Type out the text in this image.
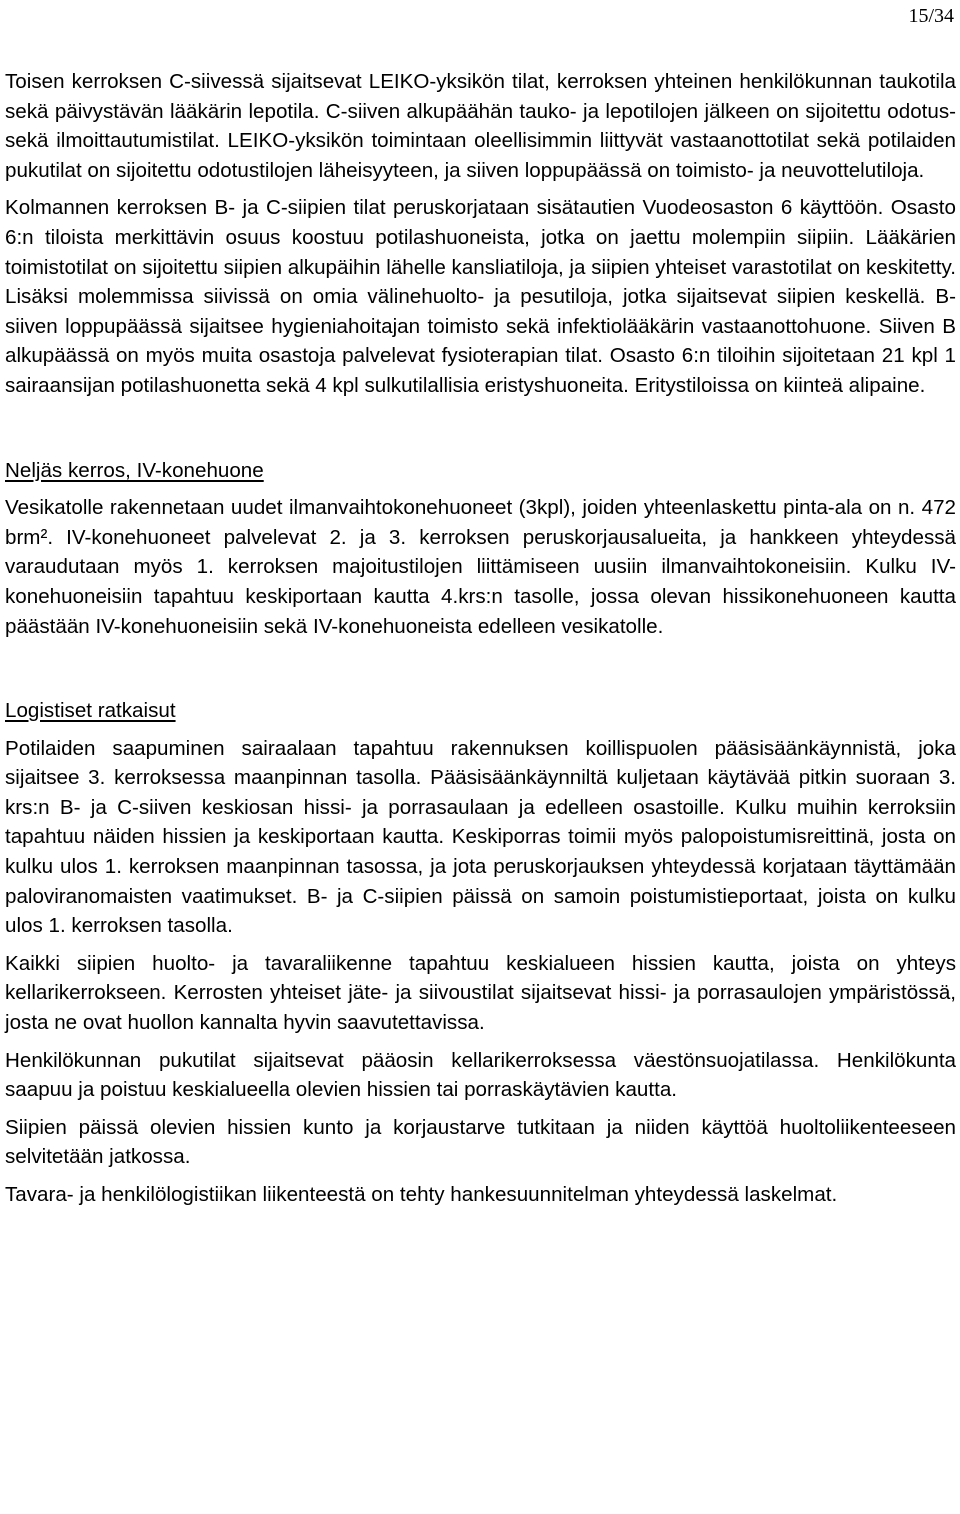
15/34

Toisen kerroksen C-siivessä sijaitsevat LEIKO-yksikön tilat, kerroksen yhteinen henkilökunnan taukotila sekä päivystävän lääkärin lepotila. C-siiven alkupäähän tauko- ja lepotilojen jälkeen on sijoitettu odotus- sekä ilmoittautumistilat. LEIKO-yksikön toimintaan oleellisimmin liittyvät vastaanottotilat sekä potilaiden pukutilat on sijoitettu odotustilojen läheisyyteen, ja siiven loppupäässä on toimisto- ja neuvottelutiloja.

Kolmannen kerroksen B- ja C-siipien tilat peruskorjataan sisätautien Vuodeosaston 6 käyttöön. Osasto 6:n tiloista merkittävin osuus koostuu potilashuoneista, jotka on jaettu molempiin siipiin. Lääkärien toimistotilat on sijoitettu siipien alkupäihin lähelle kansliatiloja, ja siipien yhteiset varastotilat on keskitetty. Lisäksi molemmissa siivissä on omia välinehuolto- ja pesutiloja, jotka sijaitsevat siipien keskellä. B- siiven loppupäässä sijaitsee hygieniahoitajan toimisto sekä infektiolääkärin vastaanottohuone. Siiven B alkupäässä on myös muita osastoja palvelevat fysioterapian tilat. Osasto 6:n tiloihin sijoitetaan 21 kpl 1 sairaansijan potilashuonetta sekä 4 kpl sulkutilallisia eristyshuoneita. Eritystiloissa on kiinteä alipaine.

Neljäs kerros, IV-konehuone

Vesikatolle rakennetaan uudet ilmanvaihtokonehuoneet (3kpl), joiden yhteenlaskettu pinta-ala on n. 472 brm². IV-konehuoneet palvelevat 2. ja 3. kerroksen peruskorjausalueita, ja hankkeen yhteydessä varaudutaan myös 1. kerroksen majoitustilojen liittämiseen uusiin ilmanvaihtokoneisiin. Kulku IV-konehuoneisiin tapahtuu keskiportaan kautta 4.krs:n tasolle, jossa olevan hissikonehuoneen kautta päästään IV-konehuoneisiin sekä IV-konehuoneista edelleen vesikatolle.

Logistiset ratkaisut

Potilaiden saapuminen sairaalaan tapahtuu rakennuksen koillispuolen pääsisäänkäynnistä, joka sijaitsee 3. kerroksessa maanpinnan tasolla. Pääsisäänkäynniltä kuljetaan käytävää pitkin suoraan 3. krs:n B- ja C-siiven keskiosan hissi- ja porrasaulaan ja edelleen osastoille. Kulku muihin kerroksiin tapahtuu näiden hissien ja keskiportaan kautta. Keskiporras toimii myös palopoistumisreittinä, josta on kulku ulos 1. kerroksen maanpinnan tasossa, ja jota peruskorjauksen yhteydessä korjataan täyttämään paloviranomaisten vaatimukset. B- ja C-siipien päissä on samoin poistumistieportaat, joista on kulku ulos 1. kerroksen tasolla.

Kaikki siipien huolto- ja tavaraliikenne tapahtuu keskialueen hissien kautta, joista on yhteys kellarikerrokseen. Kerrosten yhteiset jäte- ja siivoustilat sijaitsevat hissi- ja porrasaulojen ympäristössä, josta ne ovat huollon kannalta hyvin saavutettavissa.

Henkilökunnan pukutilat sijaitsevat pääosin kellarikerroksessa väestönsuojatilassa. Henkilökunta saapuu ja poistuu keskialueella olevien hissien tai porraskäytävien kautta.

Siipien päissä olevien hissien kunto ja korjaustarve tutkitaan ja niiden käyttöä huoltoliikenteeseen selvitetään jatkossa.

Tavara- ja henkilölogistiikan liikenteestä on tehty hankesuunnitelman yhteydessä laskelmat.
